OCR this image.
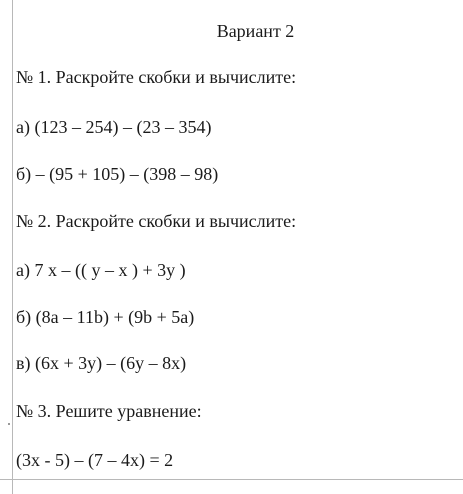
Вариант 2
№ 1. Раскройте скобки и вычислите:
а) (123 – 254) – (23 – 354)
б) – (95 + 105) – (398 – 98)
№ 2. Раскройте скобки и вычислите:
а) 7 х – (( у – х ) + 3у )
б) (8а – 11b) + (9b + 5а)
в) (6х + 3у) – (6у – 8х)
№ 3. Решите уравнение:
(3х - 5) – (7 – 4х) = 2
